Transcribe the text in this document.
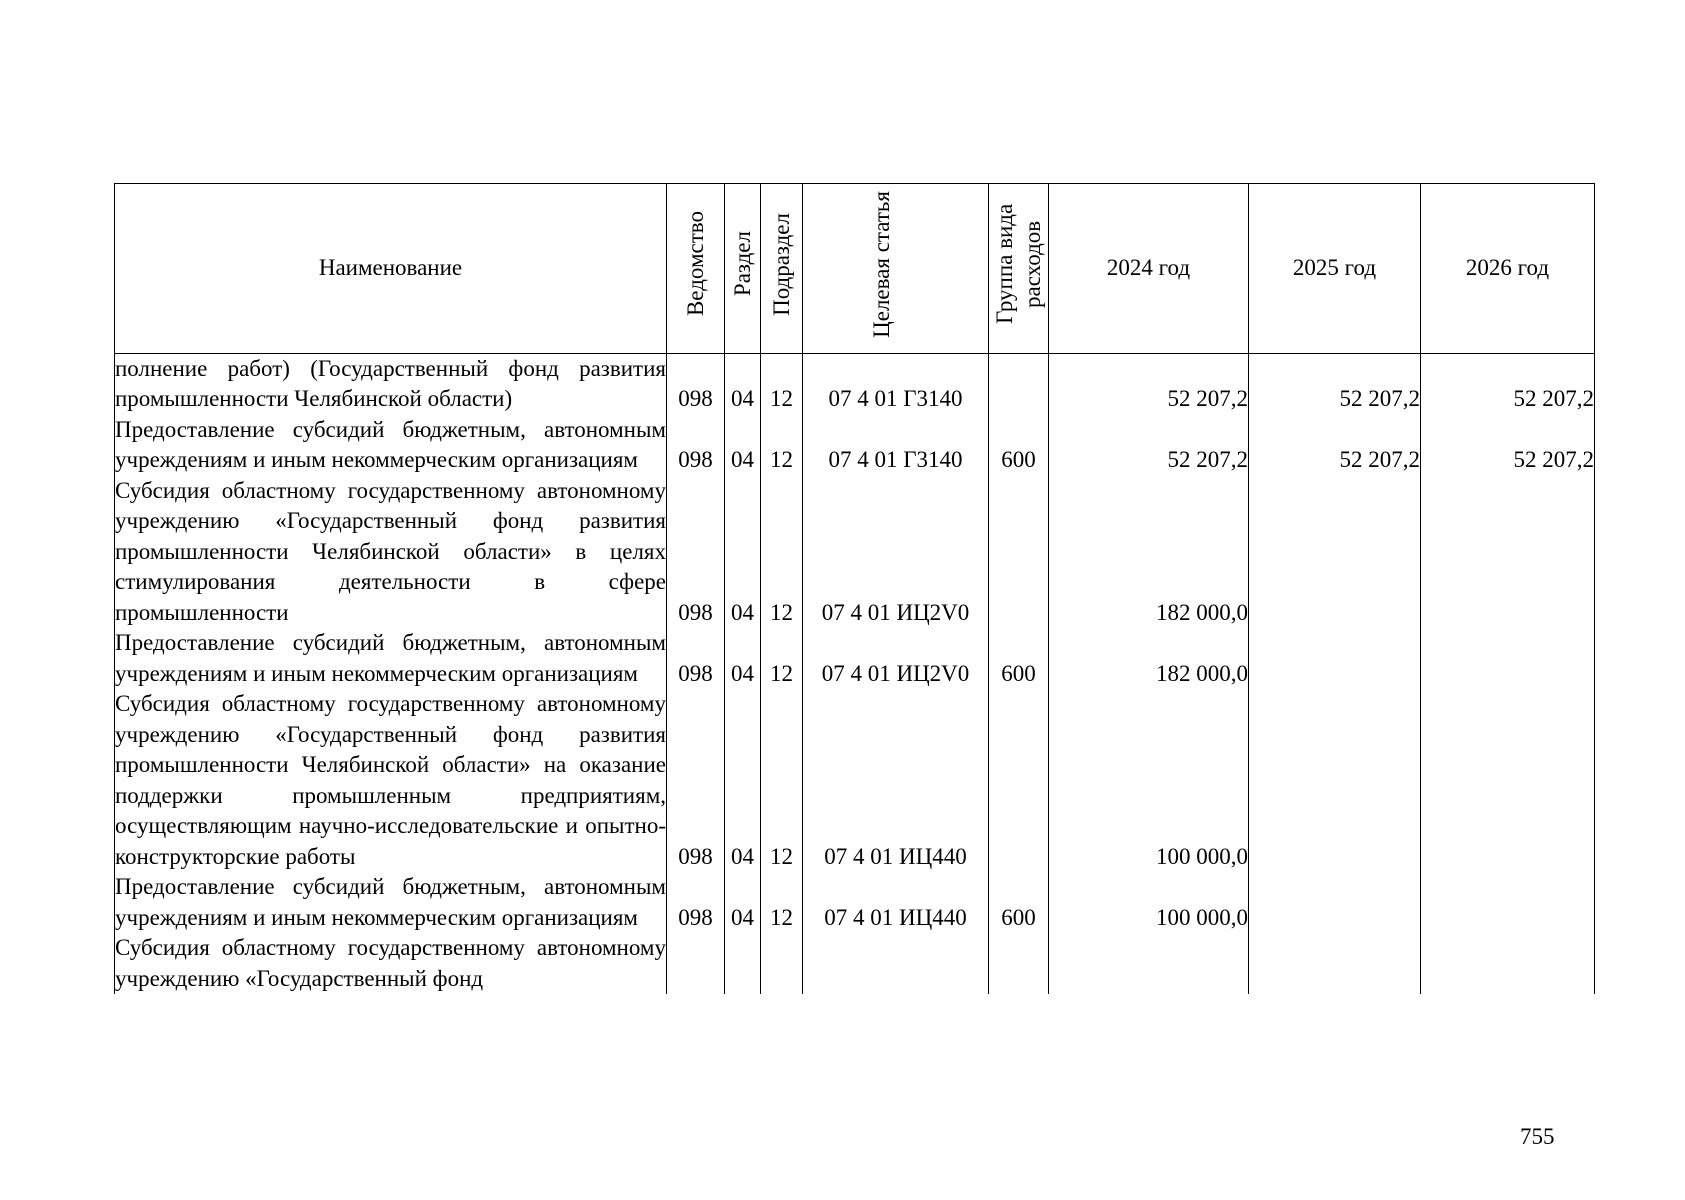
Наименование	Ведомство	Раздел	Подраздел	Целевая статья	Группа вида расходов	2024 год	2025 год	2026 год
полнение работ) (Государственный фонд развития промышленности Челябинской области)	098	04	12	07 4 01 Г3140		52 207,2	52 207,2	52 207,2
Предоставление субсидий бюджетным, автономным учреждениям и иным некоммерческим организациям	098	04	12	07 4 01 Г3140	600	52 207,2	52 207,2	52 207,2
Субсидия областному государственному автономному учреждению «Государственный фонд развития промышленности Челябинской области» в целях стимулирования деятельности в сфере промышленности	098	04	12	07 4 01 ИЦ2V0		182 000,0		
Предоставление субсидий бюджетным, автономным учреждениям и иным некоммерческим организациям	098	04	12	07 4 01 ИЦ2V0	600	182 000,0		
Субсидия областному государственному автономному учреждению «Государственный фонд развития промышленности Челябинской области» на оказание поддержки промышленным предприятиям, осуществляющим научно-исследовательские и опытно-конструкторские работы	098	04	12	07 4 01 ИЦ440		100 000,0		
Предоставление субсидий бюджетным, автономным учреждениям и иным некоммерческим организациям	098	04	12	07 4 01 ИЦ440	600	100 000,0		
Субсидия областному государственному автономному учреждению «Государственный фонд								
755
